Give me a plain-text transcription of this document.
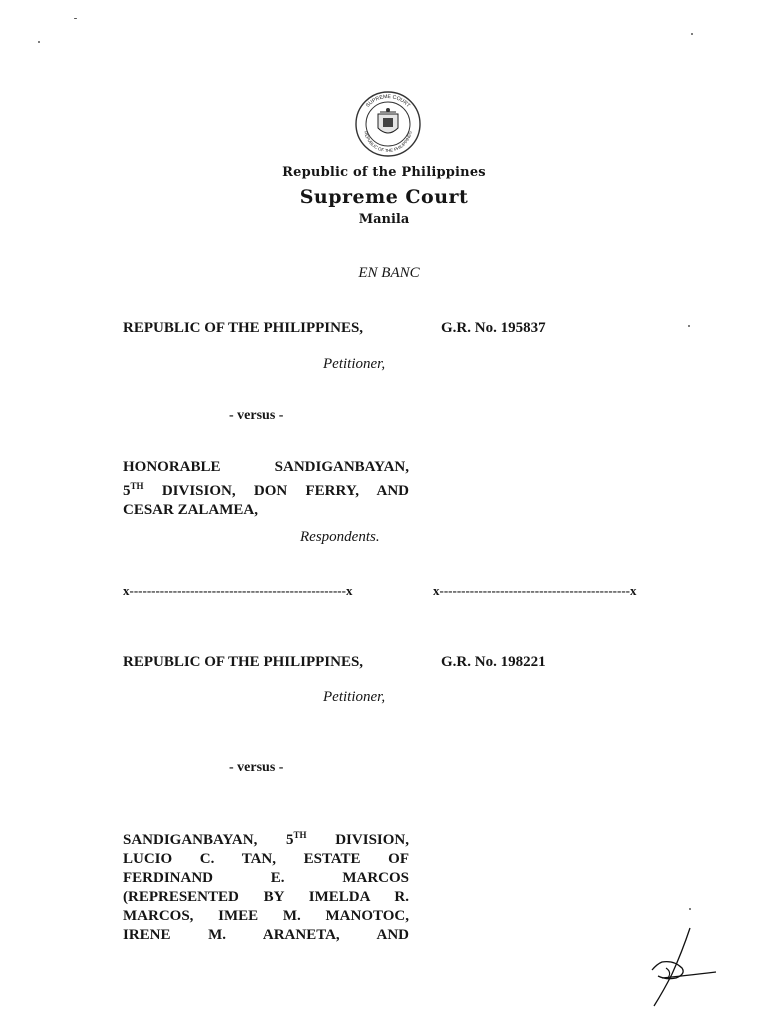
SUPREME COURT
REPUBLIC OF THE PHILIPPINES
Republic of the Philippines
Supreme Court
Manila
EN BANC
REPUBLIC OF THE PHILIPPINES,	G.R. No. 195837
Petitioner,
- versus -
HONORABLE SANDIGANBAYAN,
5TH DIVISION, DON FERRY, AND
CESAR ZALAMEA,
Respondents.
x--------------------------------------------------x	x--------------------------------------------x
REPUBLIC OF THE PHILIPPINES,	G.R. No. 198221
Petitioner,
- versus -
SANDIGANBAYAN, 5TH DIVISION,
LUCIO C. TAN, ESTATE OF
FERDINAND E. MARCOS
(REPRESENTED BY IMELDA R.
MARCOS, IMEE M. MANOTOC,
IRENE M. ARANETA, AND
